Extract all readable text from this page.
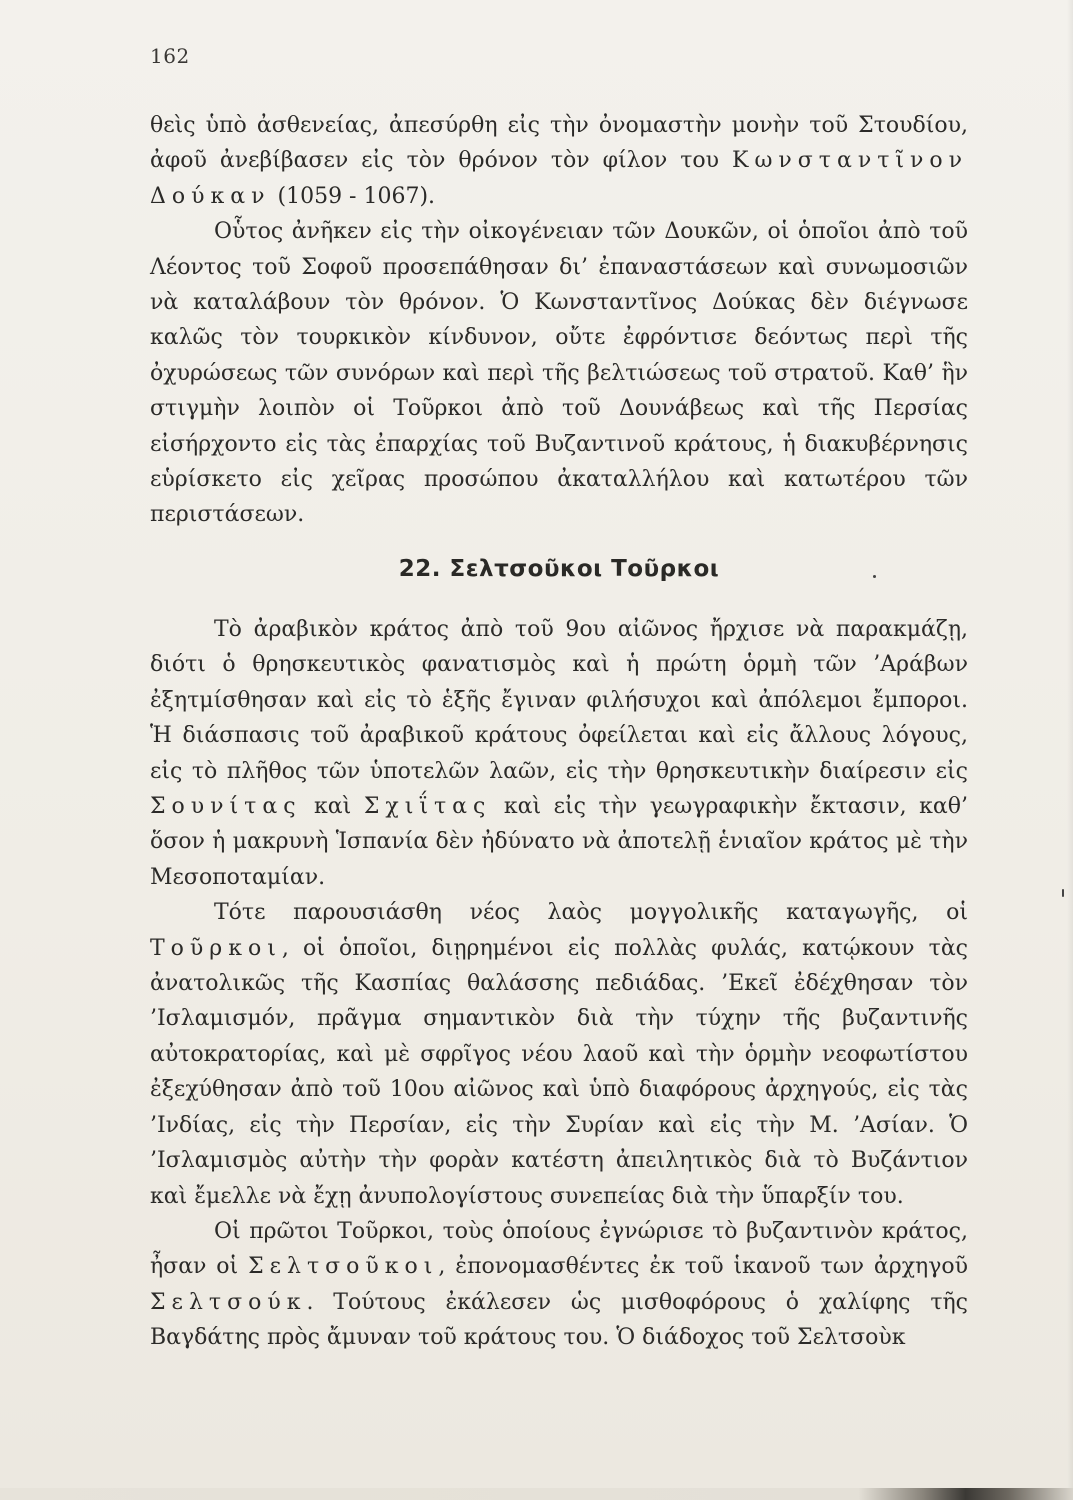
162

θεὶς ὑπὸ ἀσθενείας, ἀπεσύρθη εἰς τὴν ὀνομαστὴν μονὴν τοῦ Στουδίου, ἀφοῦ ἀνεβίβασεν εἰς τὸν θρόνον τὸν φίλον του Κωνσταντῖνον Δούκαν (1059 - 1067).

Οὗτος ἀνῆκεν εἰς τὴν οἰκογένειαν τῶν Δουκῶν, οἱ ὁποῖοι ἀπὸ τοῦ Λέοντος τοῦ Σοφοῦ προσεπάθησαν δι’ ἐπαναστάσεων καὶ συνωμοσιῶν νὰ καταλάβουν τὸν θρόνον. Ὁ Κωνσταντῖνος Δούκας δὲν διέγνωσε καλῶς τὸν τουρκικὸν κίνδυνον, οὔτε ἐφρόντισε δεόντως περὶ τῆς ὀχυρώσεως τῶν συνόρων καὶ περὶ τῆς βελτιώσεως τοῦ στρατοῦ. Καθ’ ἣν στιγμὴν λοιπὸν οἱ Τοῦρκοι ἀπὸ τοῦ Δουνάβεως καὶ τῆς Περσίας εἰσήρχοντο εἰς τὰς ἐπαρχίας τοῦ Βυζαντινοῦ κράτους, ἡ διακυβέρνησις εὑρίσκετο εἰς χεῖρας προσώπου ἀκαταλλήλου καὶ κατωτέρου τῶν περιστάσεων.

22. Σελτσοῦκοι Τοῦρκοι

Τὸ ἀραβικὸν κράτος ἀπὸ τοῦ 9ου αἰῶνος ἤρχισε νὰ παρακμάζῃ, διότι ὁ θρησκευτικὸς φανατισμὸς καὶ ἡ πρώτη ὁρμὴ τῶν ’Αράβων ἐξητμίσθησαν καὶ εἰς τὸ ἑξῆς ἔγιναν φιλήσυχοι καὶ ἀπόλεμοι ἔμποροι. Ἡ διάσπασις τοῦ ἀραβικοῦ κράτους ὀφείλεται καὶ εἰς ἄλλους λόγους, εἰς τὸ πλῆθος τῶν ὑποτελῶν λαῶν, εἰς τὴν θρησκευτικὴν διαίρεσιν εἰς Σουνίτας καὶ Σχιΐτας καὶ εἰς τὴν γεωγραφικὴν ἔκτασιν, καθ’ ὅσον ἡ μακρυνὴ Ἱσπανία δὲν ἠδύνατο νὰ ἀποτελῇ ἑνιαῖον κράτος μὲ τὴν Μεσοποταμίαν.

Τότε παρουσιάσθη νέος λαὸς μογγολικῆς καταγωγῆς, οἱ Τοῦρκοι, οἱ ὁποῖοι, διῃρημένοι εἰς πολλὰς φυλάς, κατῴκουν τὰς ἀνατολικῶς τῆς Κασπίας θαλάσσης πεδιάδας. ’Εκεῖ ἐδέχθησαν τὸν ’Ισλαμισμόν, πρᾶγμα σημαντικὸν διὰ τὴν τύχην τῆς βυζαντινῆς αὐτοκρατορίας, καὶ μὲ σφρῖγος νέου λαοῦ καὶ τὴν ὁρμὴν νεοφωτίστου ἐξεχύθησαν ἀπὸ τοῦ 10ου αἰῶνος καὶ ὑπὸ διαφόρους ἀρχηγούς, εἰς τὰς ’Ινδίας, εἰς τὴν Περσίαν, εἰς τὴν Συρίαν καὶ εἰς τὴν Μ. ’Ασίαν. Ὁ ’Ισλαμισμὸς αὐτὴν τὴν φορὰν κατέστη ἀπειλητικὸς διὰ τὸ Βυζάντιον καὶ ἔμελλε νὰ ἔχῃ ἀνυπολογίστους συνεπείας διὰ τὴν ὕπαρξίν του.

Οἱ πρῶτοι Τοῦρκοι, τοὺς ὁποίους ἐγνώρισε τὸ βυζαντινὸν κράτος, ἦσαν οἱ Σελτσοῦκοι, ἐπονομασθέντες ἐκ τοῦ ἱκανοῦ των ἀρχηγοῦ Σελτσούκ. Τούτους ἐκάλεσεν ὡς μισθοφόρους ὁ χαλίφης τῆς Βαγδάτης πρὸς ἄμυναν τοῦ κράτους του. Ὁ διάδοχος τοῦ Σελτσοὺκ
